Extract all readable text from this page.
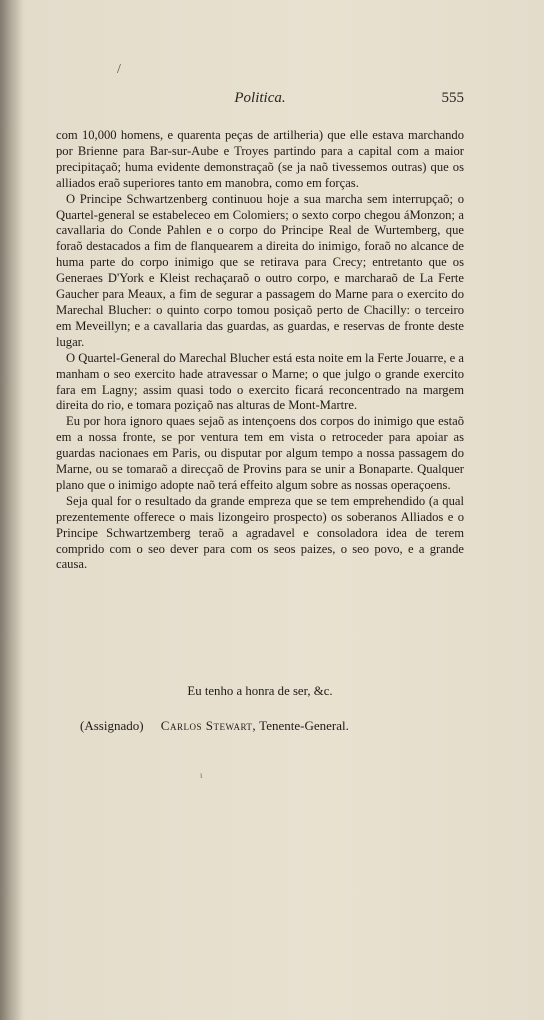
/
Politica.	555

com 10,000 homens, e quarenta peças de artilheria) que elle estava marchando por Brienne para Bar-sur-Aube e Troyes partindo para a capital com a maior precipitaçaõ; huma evidente demonstraçaõ (se ja naõ tivessemos outras) que os alliados eraõ superiores tanto em manobra, como em forças.

O Principe Schwartzenberg continuou hoje a sua marcha sem interrupçaõ; o Quartel-general se estabeleceo em Colomiers; o sexto corpo chegou áMonzon; a cavallaria do Conde Pahlen e o corpo do Principe Real de Wurtemberg, que foraõ destacados a fim de flanquearem a direita do inimigo, foraõ no alcance de huma parte do corpo inimigo que se retirava para Crecy; entretanto que os Generaes D'York e Kleist rechaçaraõ o outro corpo, e marcharaõ de La Ferte Gaucher para Meaux, a fim de segurar a passagem do Marne para o exercito do Marechal Blucher: o quinto corpo tomou posiçaõ perto de Chacilly: o terceiro em Meveillyn; e a cavallaria das guardas, as guardas, e reservas de fronte deste lugar.

O Quartel-General do Marechal Blucher está esta noite em la Ferte Jouarre, e a manham o seo exercito hade atravessar o Marne; o que julgo o grande exercito fara em Lagny; assim quasi todo o exercito ficará reconcentrado na margem direita do rio, e tomara poziçaõ nas alturas de Mont-Martre.

Eu por hora ignoro quaes sejaõ as intençoens dos corpos do inimigo que estaõ em a nossa fronte, se por ventura tem em vista o retroceder para apoiar as guardas nacionaes em Paris, ou disputar por algum tempo a nossa passagem do Marne, ou se tomaraõ a direcçaõ de Provins para se unir a Bonaparte. Qualquer plano que o inimigo adopte naõ terá effeito algum sobre as nossas operaçoens.

Seja qual for o resultado da grande empreza que se tem emprehendido (a qual prezentemente offerece o mais lizongeiro prospecto) os soberanos Alliados e o Principe Schwartzemberg teraõ a agradavel e consoladora idea de terem comprido com o seo dever para com os seos paizes, o seo povo, e a grande causa.

Eu tenho a honra de ser, &c.
(Assignado) Carlos Stewart, Tenente-General.
ι
